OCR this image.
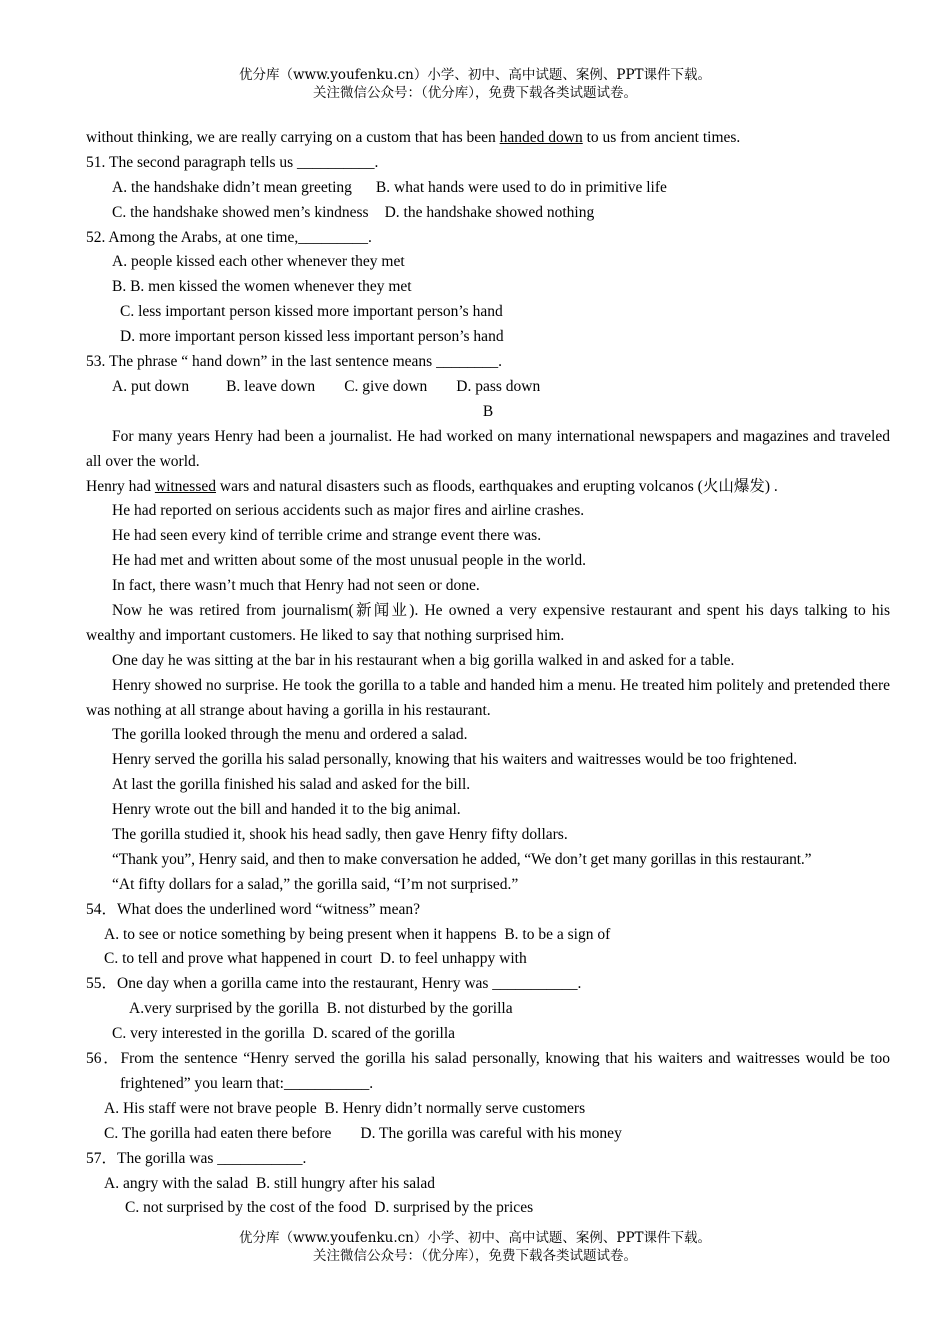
优分库（www.youfenku.cn）小学、初中、高中试题、案例、PPT课件下载。
关注微信公众号：（优分库），免费下载各类试题试卷。
without thinking, we are really carrying on a custom that has been handed down to us from ancient times.
51. The second paragraph tells us __________.
A. the handshake didn’t mean greeting B. what hands were used to do in primitive life
C. the handshake showed men’s kindness D. the handshake showed nothing
52. Among the Arabs, at one time,_________.
A. people kissed each other whenever they met
B. B. men kissed the women whenever they met
C. less important person kissed more important person’s hand
D. more important person kissed less important person’s hand
53. The phrase “ hand down” in the last sentence means ________.
A. put down B. leave down C. give down D. pass down
B
For many years Henry had been a journalist. He had worked on many international newspapers and magazines and traveled all over the world.
Henry had witnessed wars and natural disasters such as floods, earthquakes and erupting volcanos (火山爆发) .
He had reported on serious accidents such as major fires and airline crashes.
He had seen every kind of terrible crime and strange event there was.
He had met and written about some of the most unusual people in the world.
In fact, there wasn’t much that Henry had not seen or done.
Now he was retired from journalism(新闻业). He owned a very expensive restaurant and spent his days talking to his wealthy and important customers. He liked to say that nothing surprised him.
One day he was sitting at the bar in his restaurant when a big gorilla walked in and asked for a table.
Henry showed no surprise. He took the gorilla to a table and handed him a menu. He treated him politely and pretended there was nothing at all strange about having a gorilla in his restaurant.
The gorilla looked through the menu and ordered a salad.
Henry served the gorilla his salad personally, knowing that his waiters and waitresses would be too frightened.
At last the gorilla finished his salad and asked for the bill.
Henry wrote out the bill and handed it to the big animal.
The gorilla studied it, shook his head sadly, then gave Henry fifty dollars.
“Thank you”, Henry said, and then to make conversation he added, “We don’t get many gorillas in this restaurant.”
“At fifty dollars for a salad,” the gorilla said, “I’m not surprised.”
54．What does the underlined word “witness” mean?
A. to see or notice something by being present when it happens B. to be a sign of
C. to tell and prove what happened in court D. to feel unhappy with
55．One day when a gorilla came into the restaurant, Henry was ___________.
A.very surprised by the gorilla B. not disturbed by the gorilla
C. very interested in the gorilla D. scared of the gorilla
56．From the sentence “Henry served the gorilla his salad personally, knowing that his waiters and waitresses would be too frightened” you learn that:___________.
A. His staff were not brave people B. Henry didn’t normally serve customers
C. The gorilla had eaten there before D. The gorilla was careful with his money
57．The gorilla was ___________.
A. angry with the salad B. still hungry after his salad
C. not surprised by the cost of the food D. surprised by the prices
优分库（www.youfenku.cn）小学、初中、高中试题、案例、PPT课件下载。
关注微信公众号：（优分库），免费下载各类试题试卷。
